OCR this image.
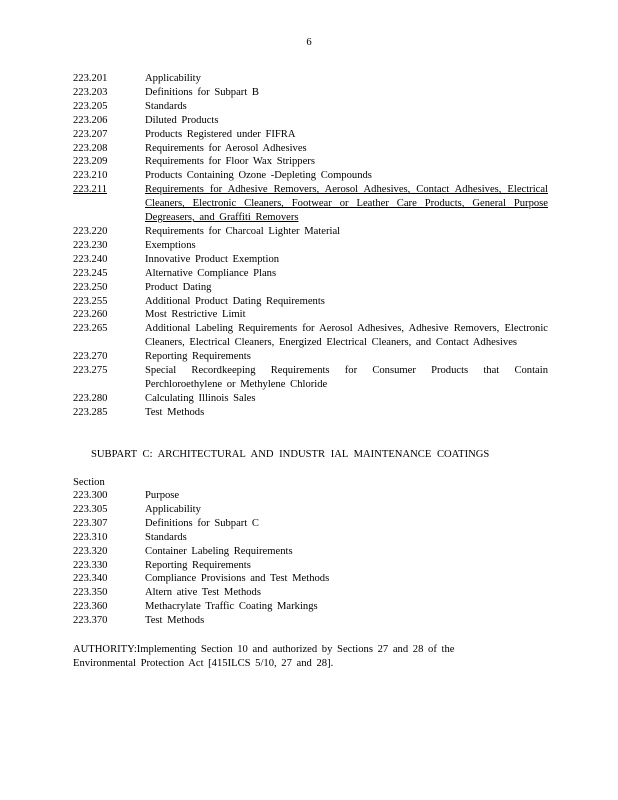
6
223.201	Applicability
223.203	Definitions for Subpart B
223.205	Standards
223.206	Diluted Products
223.207	Products Registered under FIFRA
223.208	Requirements for Aerosol Adhesives
223.209	Requirements for Floor Wax Strippers
223.210	Products Containing Ozone -Depleting Compounds
223.211	Requirements for Adhesive Removers, Aerosol Adhesives, Contact Adhesives, Electrical Cleaners, Electronic Cleaners, Footwear or Leather Care Products, General Purpose Degreasers, and Graffiti Removers
223.220	Requirements for Charcoal Lighter Material
223.230	Exemptions
223.240	Innovative Product Exemption
223.245	Alternative Compliance Plans
223.250	Product Dating
223.255	Additional Product Dating Requirements
223.260	Most Restrictive Limit
223.265	Additional Labeling Requirements for Aerosol Adhesives, Adhesive Removers, Electronic Cleaners, Electrical Cleaners, Energized Electrical Cleaners, and Contact Adhesives
223.270	Reporting Requirements
223.275	Special Recordkeeping Requirements for Consumer Products that Contain Perchloroethylene or Methylene Chloride
223.280	Calculating Illinois Sales
223.285	Test Methods
SUBPART C: ARCHITECTURAL AND INDUSTR IAL MAINTENANCE COATINGS
Section
223.300	Purpose
223.305	Applicability
223.307	Definitions for Subpart C
223.310	Standards
223.320	Container Labeling Requirements
223.330	Reporting Requirements
223.340	Compliance Provisions and Test Methods
223.350	Altern ative Test Methods
223.360	Methacrylate Traffic Coating Markings
223.370	Test Methods
AUTHORITY:Implementing Section 10 and authorized by Sections 27 and 28 of the Environmental Protection Act [415ILCS 5/10, 27 and 28].
